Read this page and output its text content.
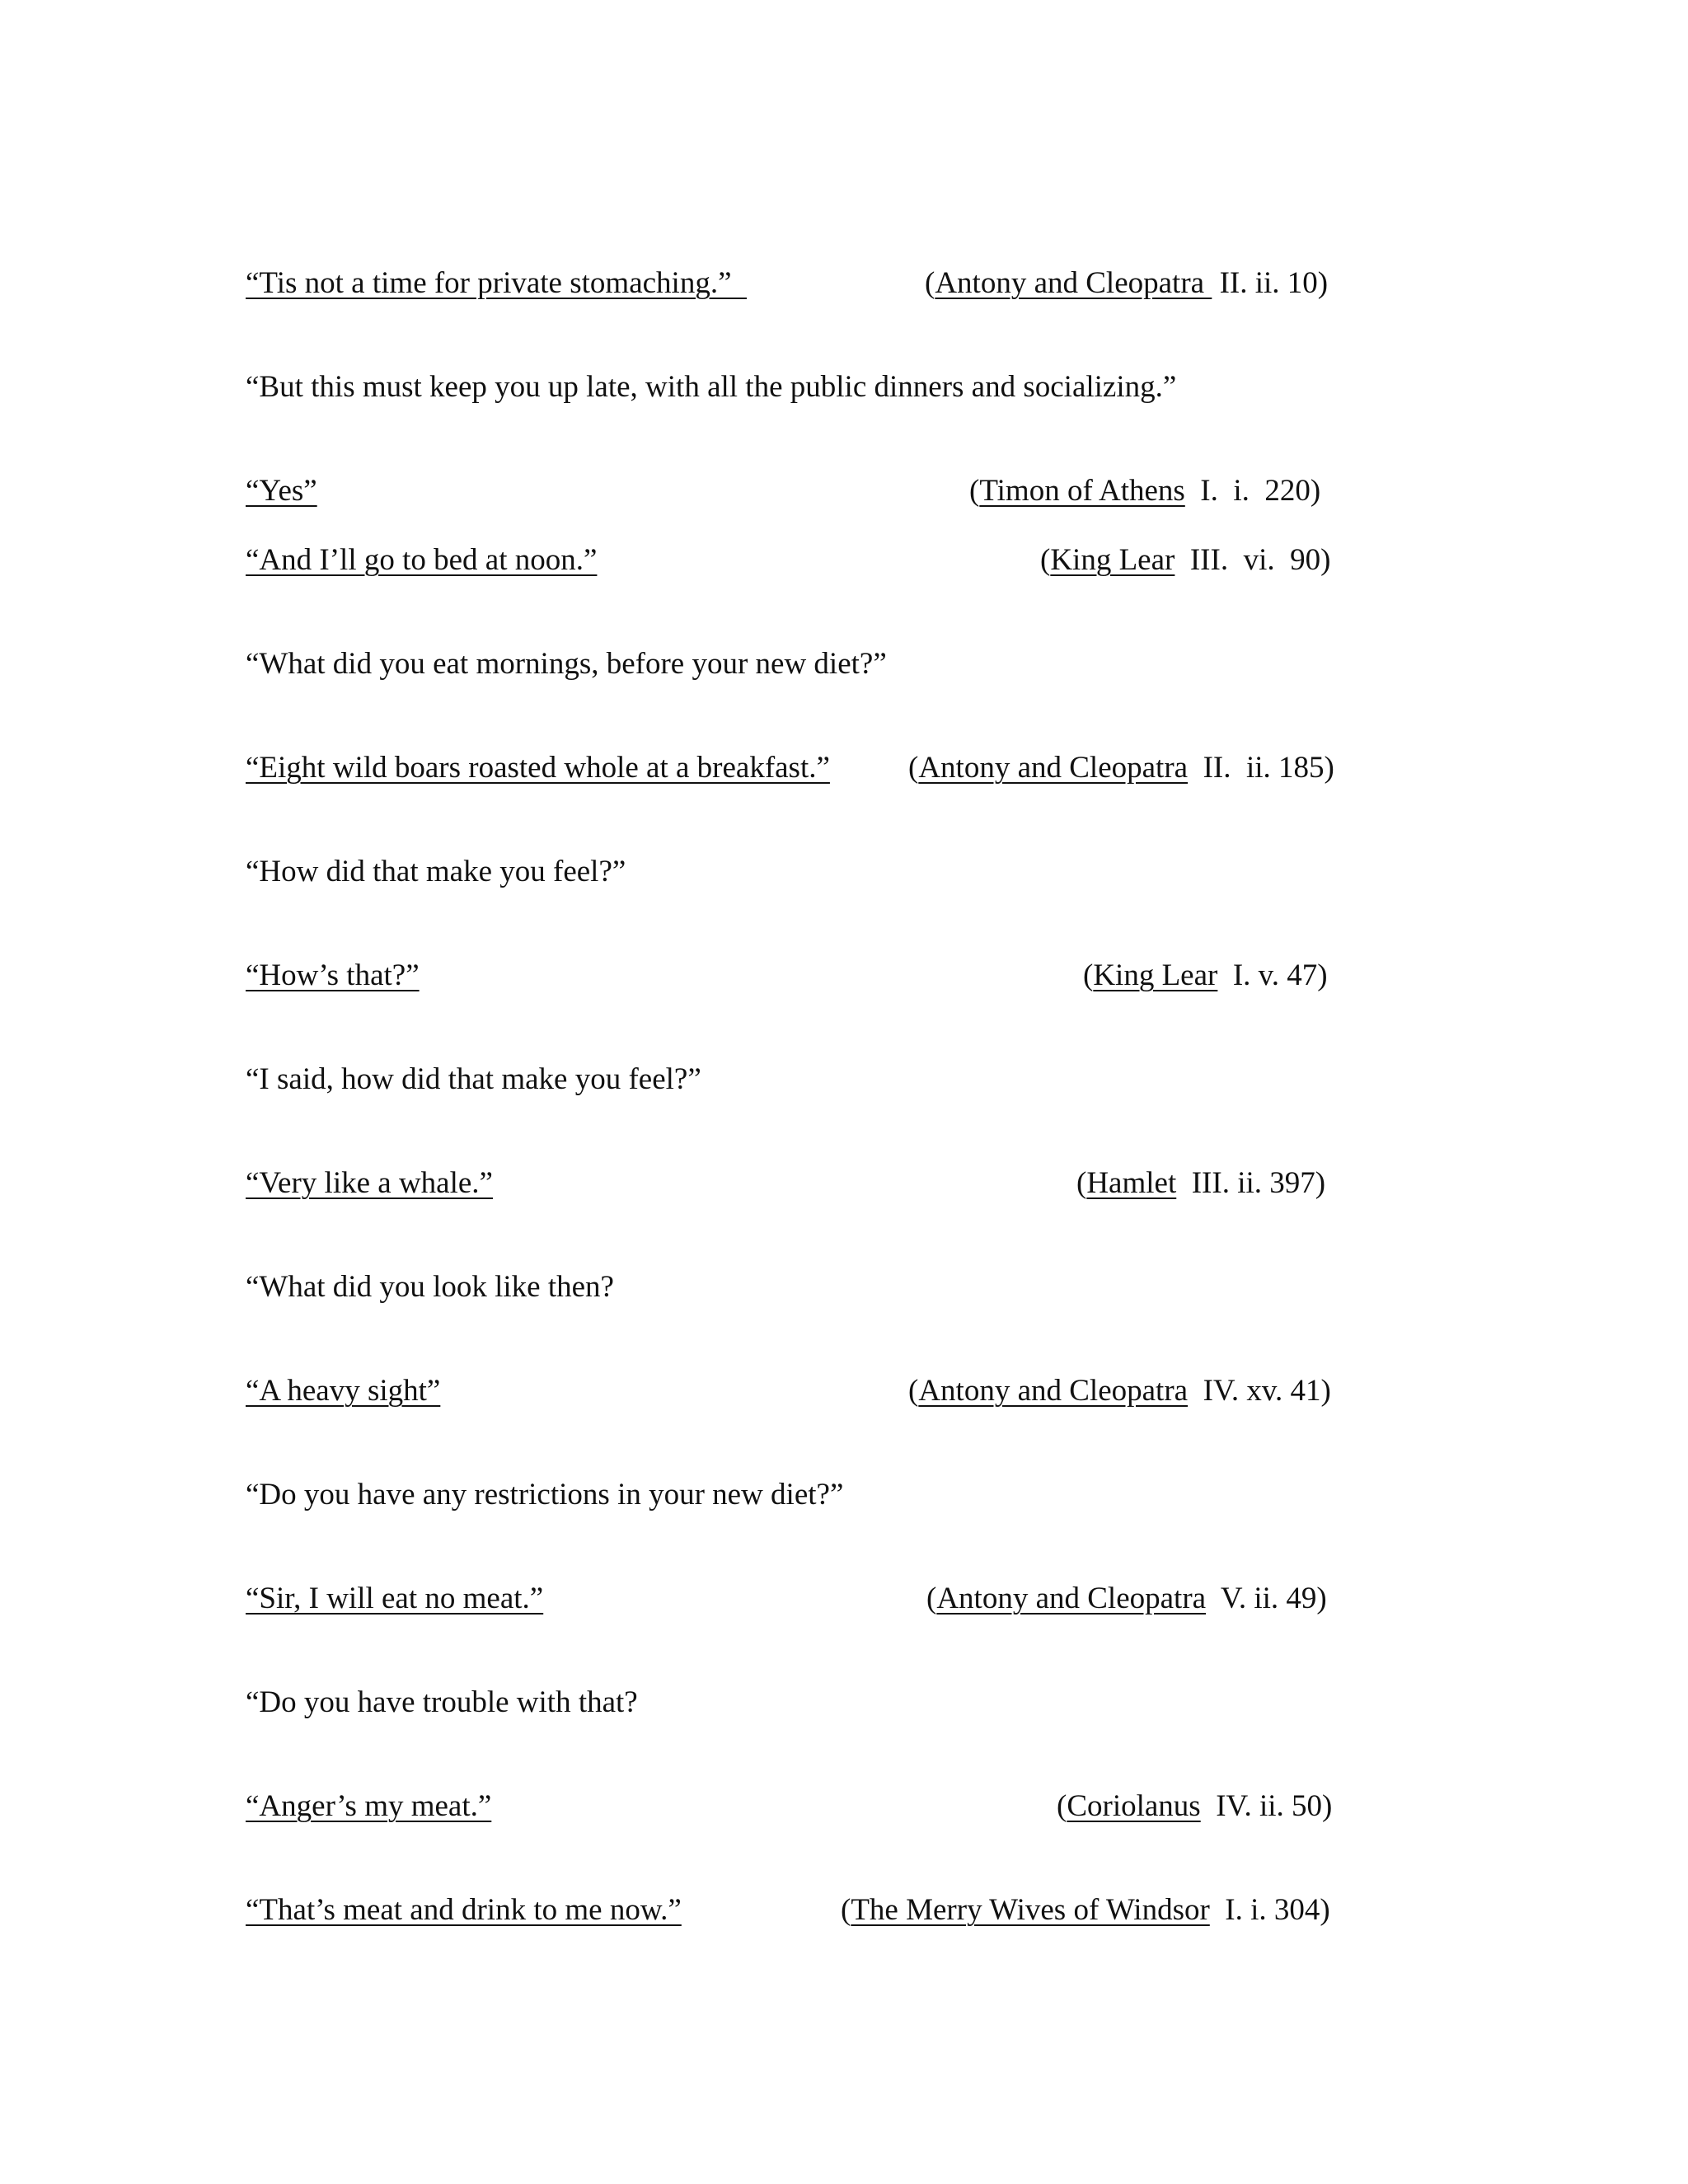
“Tis not a time for private stomaching.”	(Antony and Cleopatra  II. ii. 10)
“But this must keep you up late, with all the public dinners and socializing.”
“Yes”	(Timon of Athens  I.  i.  220)
“And I’ll go to bed at noon.”	(King Lear  III.  vi.  90)
“What did you eat mornings, before your new diet?”
“Eight wild boars roasted whole at a breakfast.”	(Antony and Cleopatra  II.  ii. 185)
“How did that make you feel?”
“How’s that?”	(King Lear  I. v. 47)
“I said, how did that make you feel?”
“Very like a whale.”	(Hamlet  III. ii. 397)
“What did you look like then?
“A heavy sight”	(Antony and Cleopatra  IV. xv. 41)
“Do you have any restrictions in your new diet?”
“Sir, I will eat no meat.”	(Antony and Cleopatra  V. ii. 49)
“Do you have trouble with that?
“Anger’s my meat.”	(Coriolanus  IV. ii. 50)
“That’s meat and drink to me now.”	(The Merry Wives of Windsor  I. i. 304)
